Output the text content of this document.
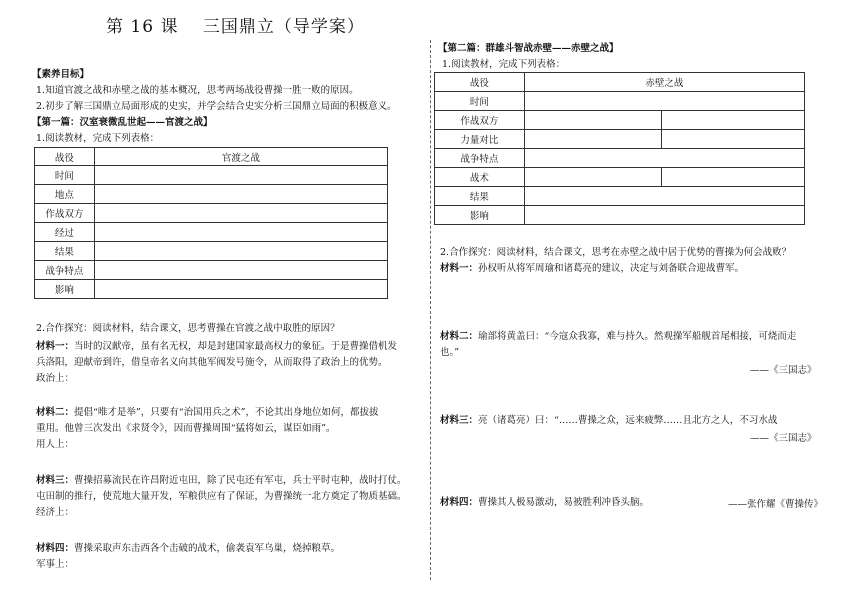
第 16 课　 三国鼎立（导学案）
【素养目标】
1.知道官渡之战和赤壁之战的基本概况，思考两场战役曹操一胜一败的原因。
2.初步了解三国鼎立局面形成的史实，并学会结合史实分析三国鼎立局面的积极意义。
【第一篇：汉室衰微乱世起——官渡之战】
1.阅读教材，完成下列表格：
战役	官渡之战
时间	
地点	
作战双方	
经过	
结果	
战争特点	
影响	
2.合作探究：阅读材料，结合课文，思考曹操在官渡之战中取胜的原因？
材料一：当时的汉献帝，虽有名无权，却是封建国家最高权力的象征。于是曹操借机发
兵洛阳，迎献帝到许，借皇帝名义向其他军阀发号施令，从而取得了政治上的优势。
政治上：
材料二：提倡“唯才是举”，只要有“治国用兵之术”，不论其出身地位如何，都拔拔
重用。他曾三次发出《求贤令》，因而曹操周围“猛将如云，谋臣如雨”。
用人上：
材料三：曹操招募流民在许昌附近屯田，除了民屯还有军屯，兵士平时屯种，战时打仗。
屯田制的推行，使荒地大量开发，军粮供应有了保证，为曹操统一北方奠定了物质基础。
经济上：
材料四：曹操采取声东击西各个击破的战术，偷袭袁军乌巢，烧掉粮草。
军事上：
【第二篇：群雄斗智战赤壁——赤壁之战】
1.阅读教材，完成下列表格：
战役	赤壁之战	
时间		
作战双方		
力量对比		
战争特点		
战术		
结果		
影响		
2.合作探究：阅读材料，结合课文，思考在赤壁之战中居于优势的曹操为何会战败？
材料一：孙权听从将军周瑜和诸葛亮的建议，决定与刘备联合迎战曹军。
材料二：瑜部将黄盖曰：“今寇众我寡，难与持久。然观操军船舰首尾相接，可烧而走
也。”
——《三国志》
材料三：亮（诸葛亮）曰：“……曹操之众，远来疲弊……且北方之人，不习水战
——《三国志》
材料四：曹操其人极易激动，易被胜利冲昏头脑。	——张作耀《曹操传》
